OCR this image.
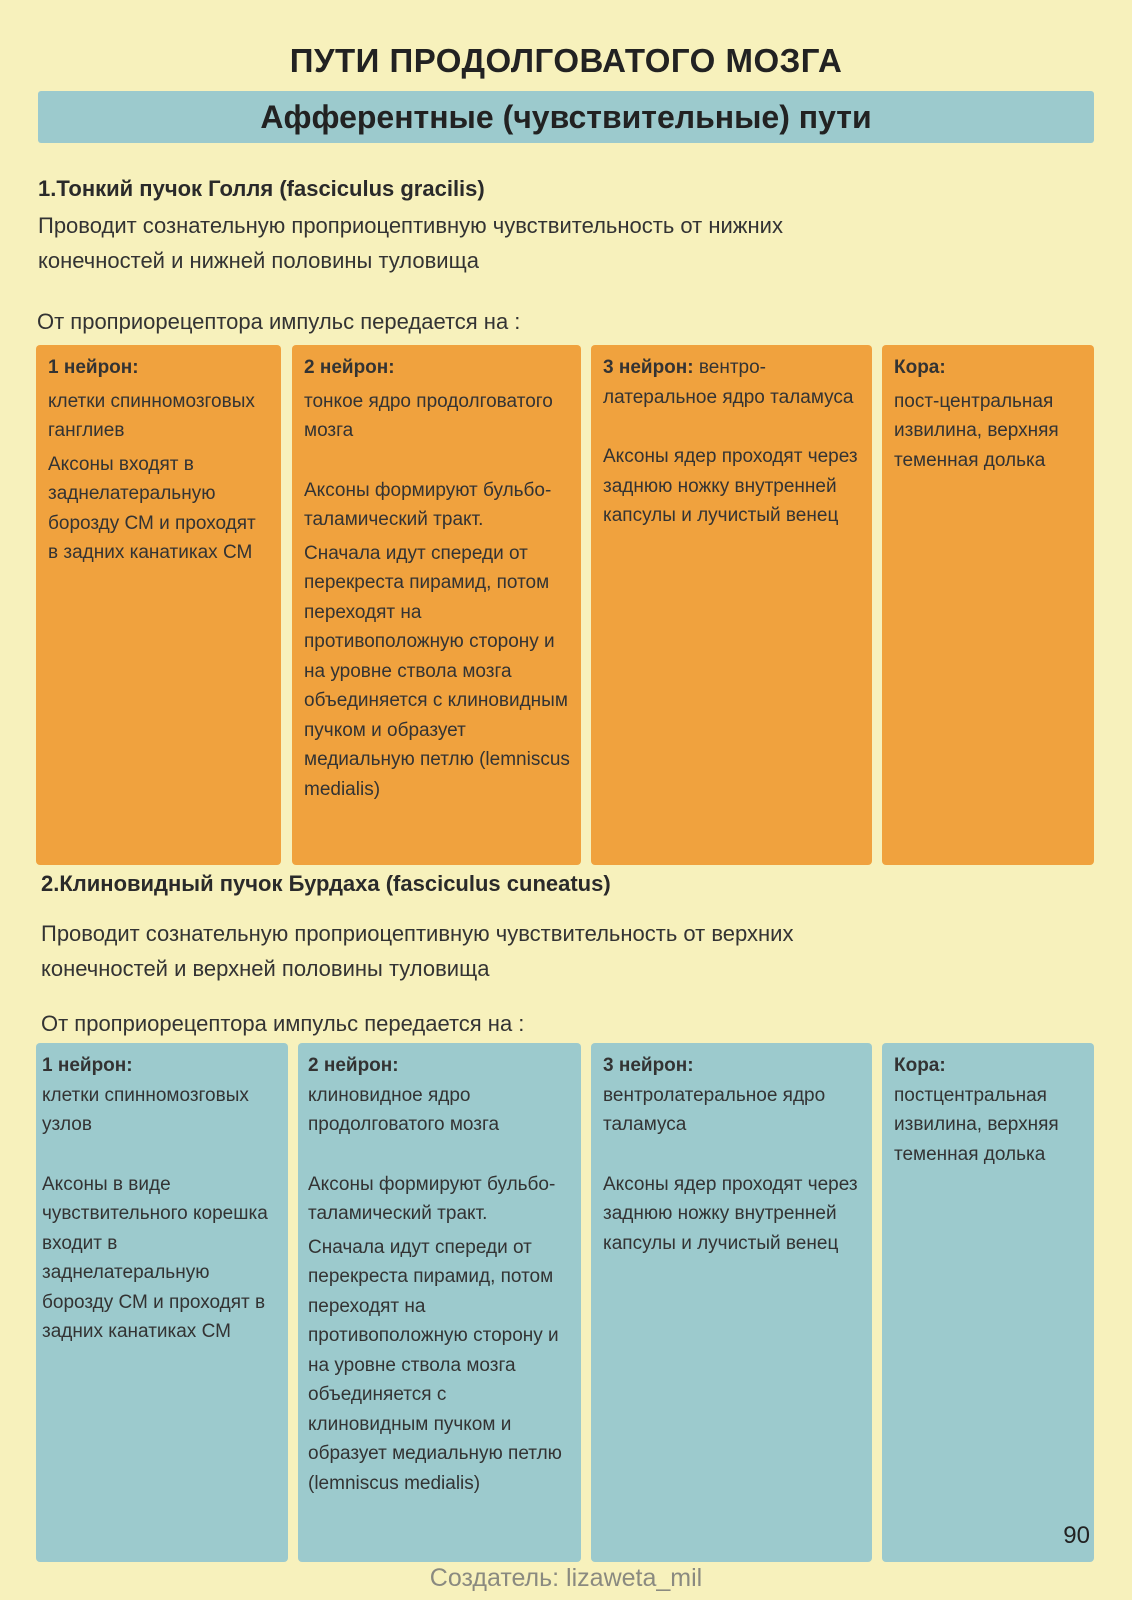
ПУТИ ПРОДОЛГОВАТОГО МОЗГА
Афферентные (чувствительные) пути
1.Тонкий пучок Голля (fasciculus gracilis)
Проводит сознательную проприоцептивную чувствительность от нижних
конечностей и нижней половины туловища
От проприорецептора импульс передается на :

1 нейрон:

клетки спинномозговых ганглиев

Аксоны входят в заднелатеральную борозду СМ и проходят в задних канатиках СМ

2 нейрон:

тонкое ядро продолговатого мозга

Аксоны формируют бульбо-таламический тракт.

Сначала идут спереди от перекреста пирамид, потом переходят на противоположную сторону и на уровне ствола мозга объединяется с клиновидным пучком и образует медиальную петлю (lemniscus medialis)

3 нейрон: вентро-латеральное ядро таламуса

Аксоны ядер проходят через заднюю ножку внутренней капсулы и лучистый венец

Кора:

пост-центральная извилина, верхняя теменная долька

2.Клиновидный пучок Бурдаха (fasciculus cuneatus)
Проводит сознательную проприоцептивную чувствительность от верхних
конечностей и верхней половины туловища
От проприорецептора импульс передается на :

1 нейрон:

клетки спинномозговых узлов

Аксоны в виде чувствительного корешка входит в заднелатеральную борозду СМ и проходят в задних канатиках СМ

2 нейрон:

клиновидное ядро продолговатого мозга

Аксоны формируют бульбо-таламический тракт.

Сначала идут спереди от перекреста пирамид, потом переходят на противоположную сторону и на уровне ствола мозга объединяется с клиновидным пучком и образует медиальную петлю (lemniscus medialis)

3 нейрон:

вентролатеральное ядро таламуса

Аксоны ядер проходят через заднюю ножку внутренней капсулы и лучистый венец

Кора:

постцентральная извилина, верхняя теменная долька

90
Создатель: lizaweta_mil
